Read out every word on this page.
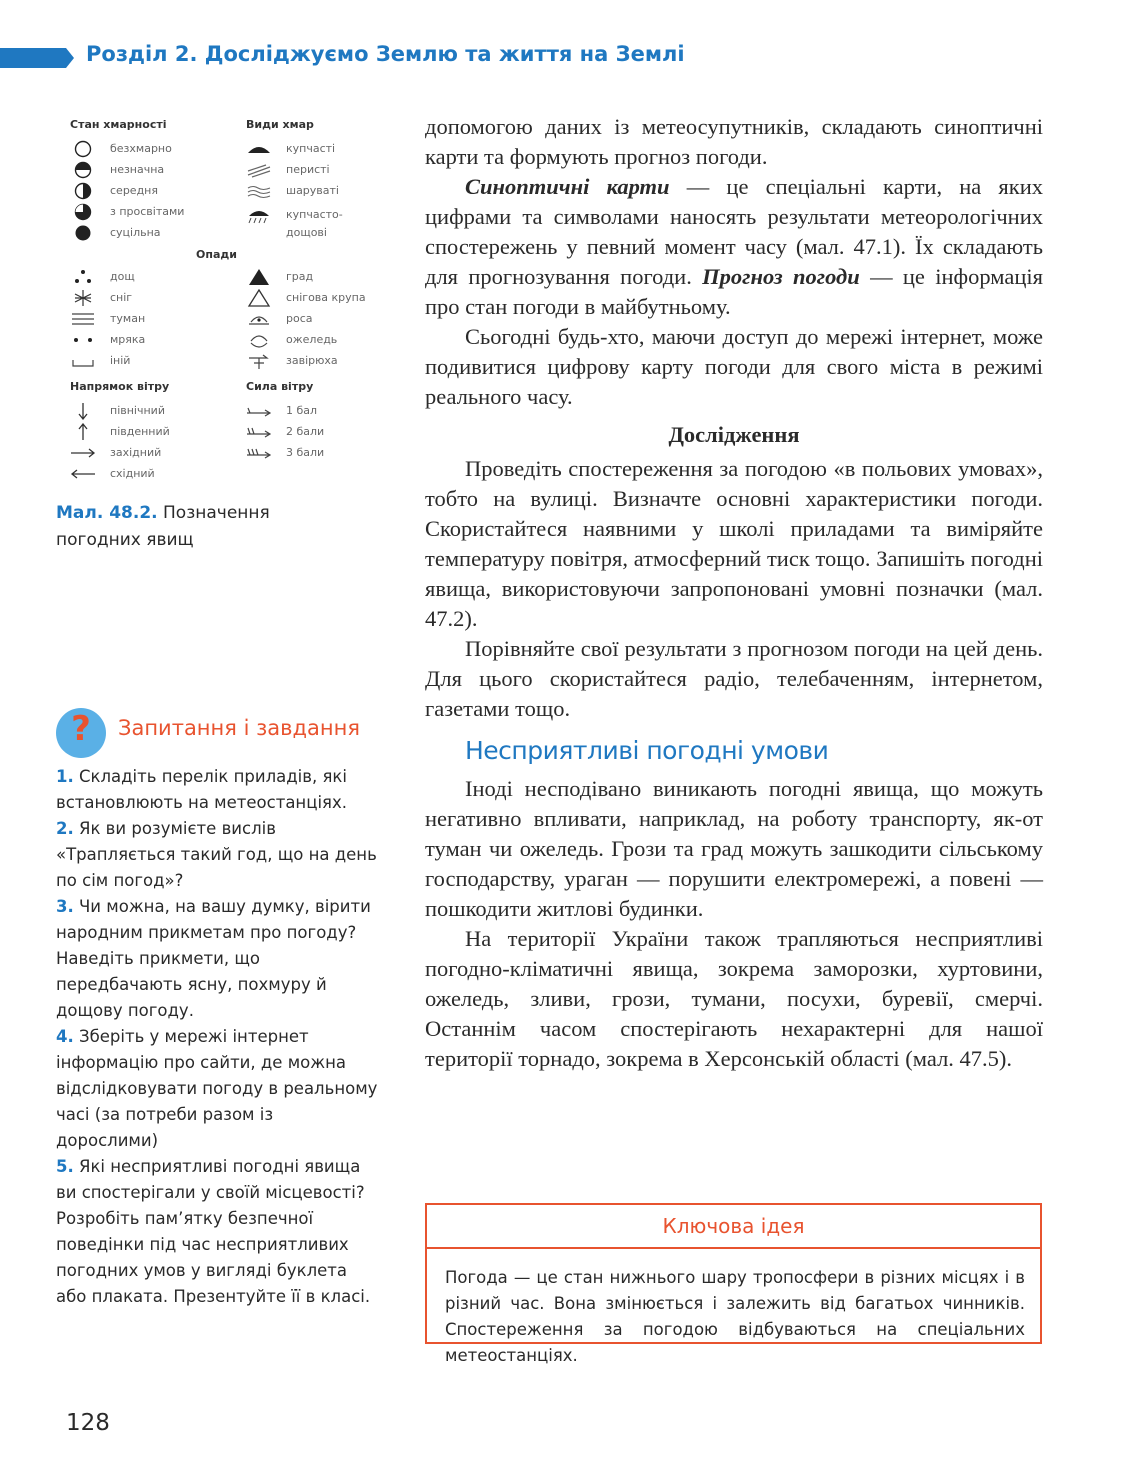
Розділ 2. Досліджуємо Землю та життя на Землі
Стан хмарності
безхмарно
незначна
середня
з просвітами
суцільна
Види хмар
купчасті
перисті
шаруваті
купчасто-
дощові
Опади
дощ
сніг
туман
мряка
іній
град
снігова крупа
роса
ожеледь
завірюха
Напрямок вітру
північний
південний
західний
східний
Сила вітру
1 бал
2 бали
3 бали
Мал. 48.2. Позначення погодних явищ
?	Запитання і завдання

1. Складіть перелік приладів, які встановлюють на метеостанціях.

2. Як ви розумієте вислів «Трапляється такий год, що на день по сім погод»?

3. Чи можна, на вашу думку, вірити народним прикметам про погоду? Наведіть прикмети, що передбачають ясну, похмуру й дощову погоду.

4. Зберіть у мережі інтернет інформацію про сайти, де можна відслідковувати погоду в реальному часі (за потреби разом із дорослими)

5. Які несприятливі погодні явища ви спостерігали у своїй місцевості? Розробіть пам’ятку безпечної поведінки під час несприятливих погодних умов у вигляді буклета або плаката. Презентуйте її в класі.

допомогою даних із метеосупутників, складають синоптичні карти та формують прогноз погоди.

Синоптичні карти — це спеціальні карти, на яких цифрами та символами наносять результати метеорологічних спостережень у певний момент часу (мал. 47.1). Їх складають для прогнозування погоди. Прогноз погоди — це інформація про стан погоди в майбутньому.

Сьогодні будь-хто, маючи доступ до мережі інтернет, може подивитися цифрову карту погоди для свого міста в режимі реального часу.

Дослідження

Проведіть спостереження за погодою «в польових умовах», тобто на вулиці. Визначте основні характеристики погоди. Скористайтеся наявними у школі приладами та виміряйте температуру повітря, атмосферний тиск тощо. Запишіть погодні явища, використовуючи запропоновані умовні позначки (мал. 47.2).

Порівняйте свої результати з прогнозом погоди на цей день. Для цього скористайтеся радіо, телебаченням, інтернетом, газетами тощо.

Несприятливі погодні умови

Іноді несподівано виникають погодні явища, що можуть негативно впливати, наприклад, на роботу транспорту, як-от туман чи ожеледь. Грози та град можуть зашкодити сільському господарству, ураган — порушити електромережі, а повені — пошкодити житлові будинки.

На території України також трапляються несприятливі погодно-кліматичні явища, зокрема заморозки, хуртовини, ожеледь, зливи, грози, тумани, посухи, буревії, смерчі. Останнім часом спостерігають нехарактерні для нашої території торнадо, зокрема в Херсонській області (мал. 47.5).

Ключова ідея
Погода — це стан нижнього шару тропосфери в різних місцях і в різний час. Вона змінюється і залежить від багатьох чинників. Спостереження за погодою відбуваються на спеціальних метеостанціях.
128
